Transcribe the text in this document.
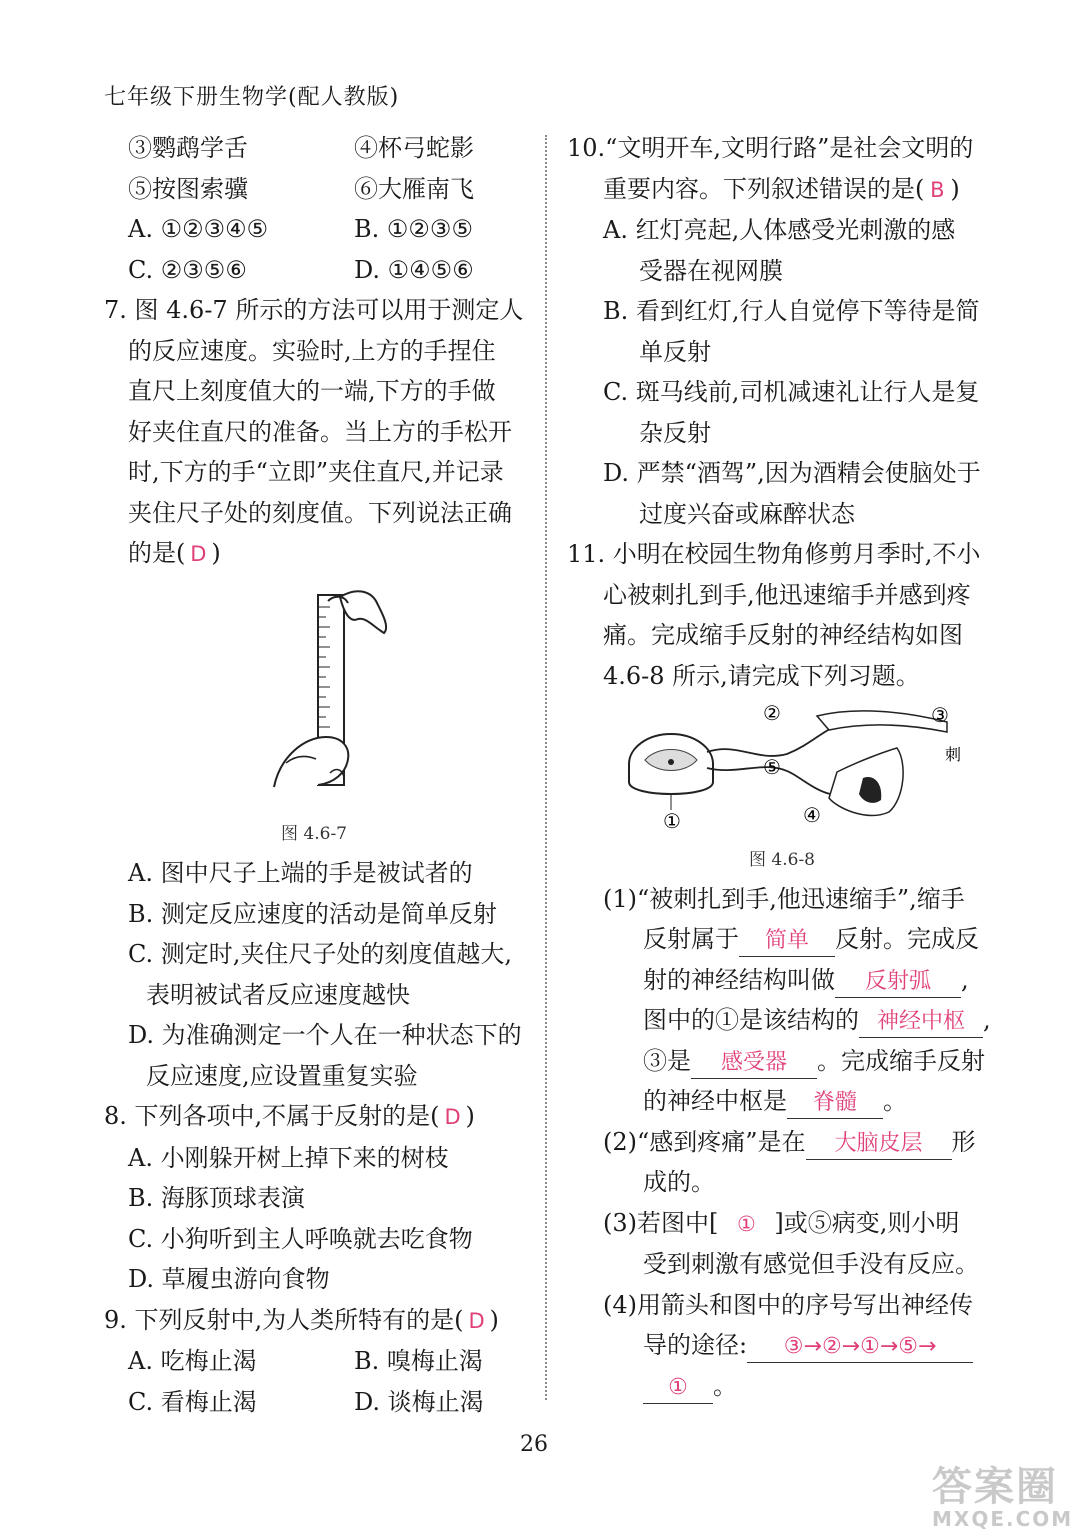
七年级下册生物学(配人教版)
③鹦鹉学舌	④杯弓蛇影
⑤按图索骥	⑥大雁南飞
A. ①②③④⑤	B. ①②③⑤
C. ②③⑤⑥	D. ①④⑤⑥
7. 图 4.6-7 所示的方法可以用于测定人
的反应速度。实验时,上方的手捏住
直尺上刻度值大的一端,下方的手做
好夹住直尺的准备。当上方的手松开
时,下方的手“立即”夹住直尺,并记录
夹住尺子处的刻度值。下列说法正确
的是( D )
图 4.6-7
A. 图中尺子上端的手是被试者的
B. 测定反应速度的活动是简单反射
C. 测定时,夹住尺子处的刻度值越大,
表明被试者反应速度越快
D. 为准确测定一个人在一种状态下的
反应速度,应设置重复实验
8. 下列各项中,不属于反射的是( D )
A. 小刚躲开树上掉下来的树枝
B. 海豚顶球表演
C. 小狗听到主人呼唤就去吃食物
D. 草履虫游向食物
9. 下列反射中,为人类所特有的是( D )
A. 吃梅止渴	B. 嗅梅止渴
C. 看梅止渴	D. 谈梅止渴
10.“文明开车,文明行路”是社会文明的
重要内容。下列叙述错误的是( B )
A. 红灯亮起,人体感受光刺激的感
受器在视网膜
B. 看到红灯,行人自觉停下等待是简
单反射
C. 斑马线前,司机减速礼让行人是复
杂反射
D. 严禁“酒驾”,因为酒精会使脑处于
过度兴奋或麻醉状态
11. 小明在校园生物角修剪月季时,不小
心被刺扎到手,他迅速缩手并感到疼
痛。完成缩手反射的神经结构如图
4.6-8 所示,请完成下列习题。
②	③
刺
⑤
①	④
图 4.6-8
(1)“被刺扎到手,他迅速缩手”,缩手
反射属于 简单 反射。完成反
射的神经结构叫做 反射弧 ,
图中的①是该结构的 神经中枢 ,
③是 感受器 。完成缩手反射
的神经中枢是 脊髓 。
(2)“感到疼痛”是在 大脑皮层 形
成的。
(3)若图中[ ① ]或⑤病变,则小明
受到刺激有感觉但手没有反应。
(4)用箭头和图中的序号写出神经传
导的途径: ③→②→①→⑤→
① 。
26
答案圈
MXQE.COM
